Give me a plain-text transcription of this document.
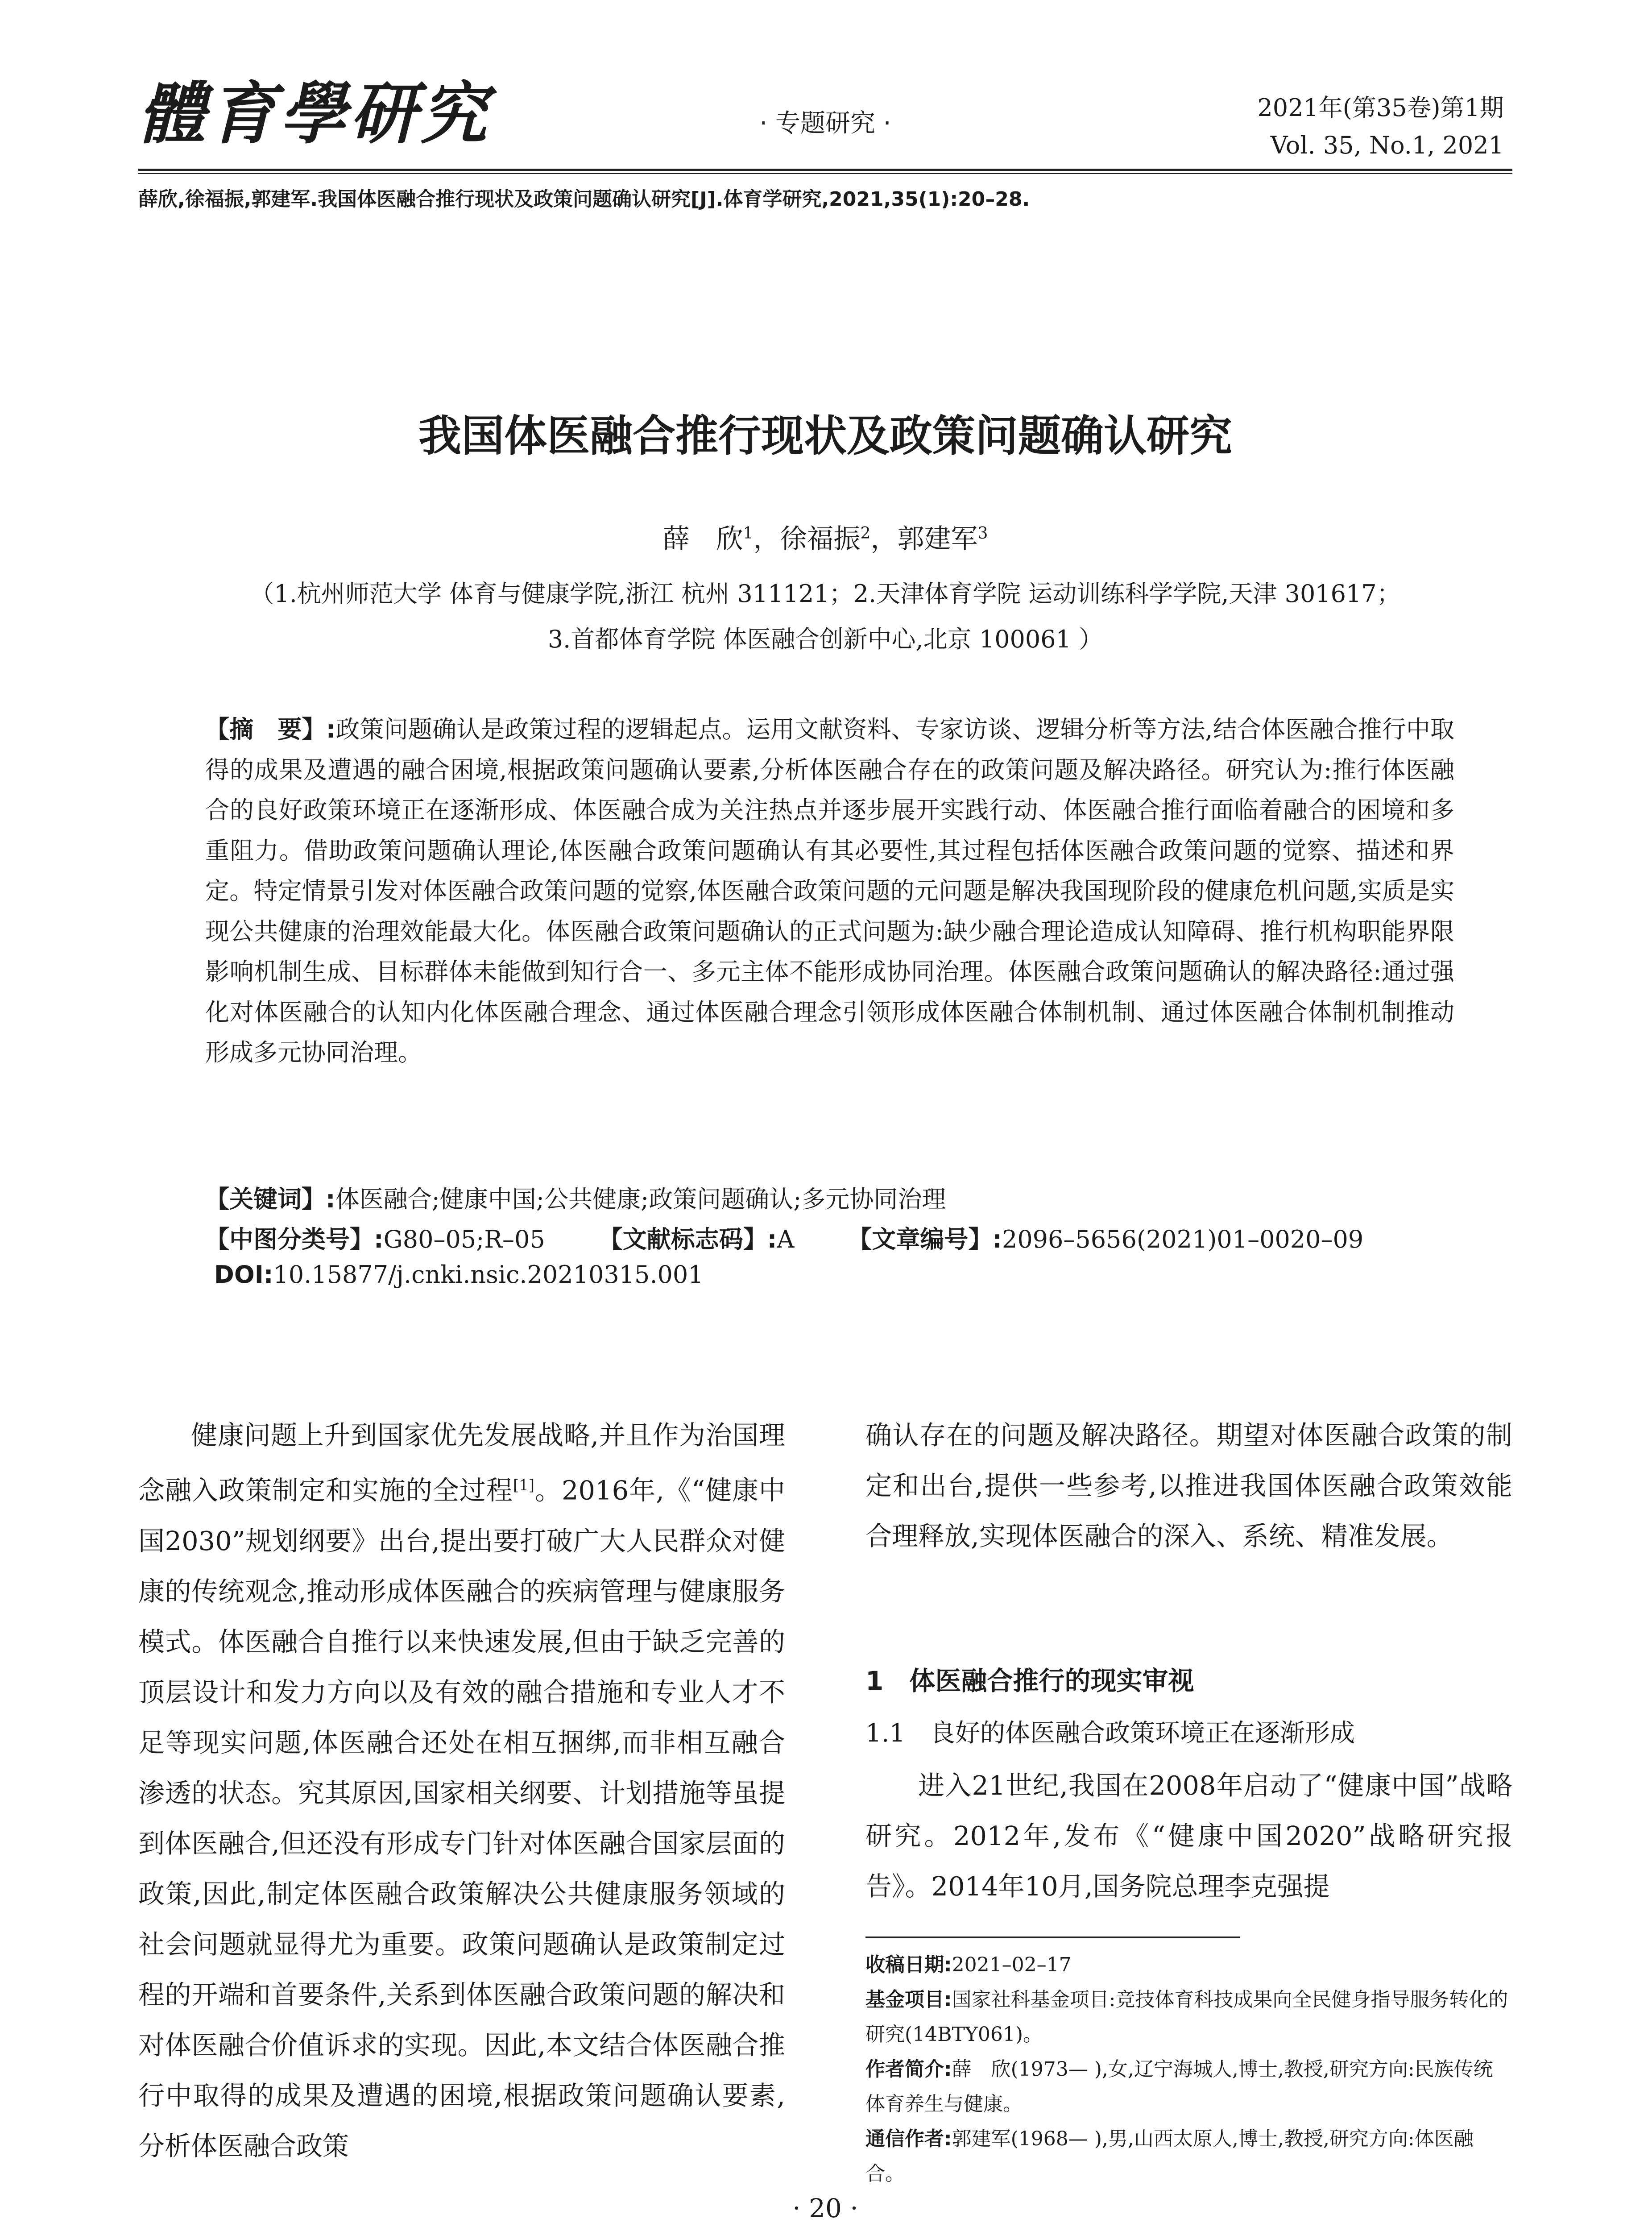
體育學研究	· 专题研究 ·
2021年(第35卷)第1期
Vol. 35, No.1, 2021
薛欣,徐福振,郭建军.我国体医融合推行现状及政策问题确认研究[J].体育学研究,2021,35(1):20–28.
我国体医融合推行现状及政策问题确认研究
薛　欣$^1$，徐福振$^2$，郭建军$^3$
（1.杭州师范大学 体育与健康学院,浙江 杭州 311121；2.天津体育学院 运动训练科学学院,天津 301617；
3.首都体育学院 体医融合创新中心,北京 100061 ）

【摘　要】:政策问题确认是政策过程的逻辑起点。运用文献资料、专家访谈、逻辑分析等方法,结合体医融合推行中取得的成果及遭遇的融合困境,根据政策问题确认要素,分析体医融合存在的政策问题及解决路径。研究认为:推行体医融合的良好政策环境正在逐渐形成、体医融合成为关注热点并逐步展开实践行动、体医融合推行面临着融合的困境和多重阻力。借助政策问题确认理论,体医融合政策问题确认有其必要性,其过程包括体医融合政策问题的觉察、描述和界定。特定情景引发对体医融合政策问题的觉察,体医融合政策问题的元问题是解决我国现阶段的健康危机问题,实质是实现公共健康的治理效能最大化。体医融合政策问题确认的正式问题为:缺少融合理论造成认知障碍、推行机构职能界限影响机制生成、目标群体未能做到知行合一、多元主体不能形成协同治理。体医融合政策问题确认的解决路径:通过强化对体医融合的认知内化体医融合理念、通过体医融合理念引领形成体医融合体制机制、通过体医融合体制机制推动形成多元协同治理。

【关键词】:体医融合;健康中国;公共健康;政策问题确认;多元协同治理
【中图分类号】:G80–05;R–05 【文献标志码】:A 【文章编号】:2096–5656(2021)01–0020–09
DOI:10.15877/j.cnki.nsic.20210315.001

健康问题上升到国家优先发展战略,并且作为治国理念融入政策制定和实施的全过程[1]。2016年,《“健康中国2030”规划纲要》出台,提出要打破广大人民群众对健康的传统观念,推动形成体医融合的疾病管理与健康服务模式。体医融合自推行以来快速发展,但由于缺乏完善的顶层设计和发力方向以及有效的融合措施和专业人才不足等现实问题,体医融合还处在相互捆绑,而非相互融合渗透的状态。究其原因,国家相关纲要、计划措施等虽提到体医融合,但还没有形成专门针对体医融合国家层面的政策,因此,制定体医融合政策解决公共健康服务领域的社会问题就显得尤为重要。政策问题确认是政策制定过程的开端和首要条件,关系到体医融合政策问题的解决和对体医融合价值诉求的实现。因此,本文结合体医融合推行中取得的成果及遭遇的困境,根据政策问题确认要素,分析体医融合政策

确认存在的问题及解决路径。期望对体医融合政策的制定和出台,提供一些参考,以推进我国体医融合政策效能合理释放,实现体医融合的深入、系统、精准发展。

1　体医融合推行的现实审视
1.1　良好的体医融合政策环境正在逐渐形成

进入21世纪,我国在2008年启动了“健康中国”战略研究。2012年,发布《“健康中国2020”战略研究报告》。2014年10月,国务院总理李克强提

收稿日期:2021–02–17

基金项目:国家社科基金项目:竞技体育科技成果向全民健身指导服务转化的研究(14BTY061)。

作者简介:薛　欣(1973— ),女,辽宁海城人,博士,教授,研究方向:民族传统体育养生与健康。

通信作者:郭建军(1968— ),男,山西太原人,博士,教授,研究方向:体医融合。

· 20 ·
